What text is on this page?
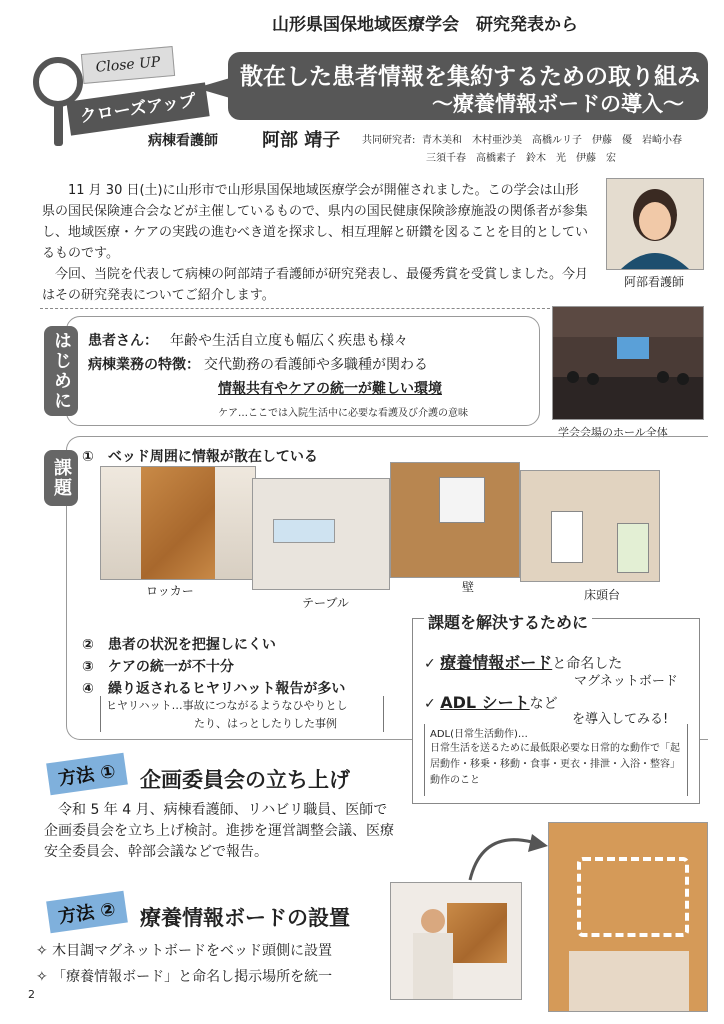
山形県国保地域医療学会　研究発表から
Close UP
クローズアップ
散在した患者情報を集約するための取り組み
〜療養情報ボードの導入〜
病棟看護師 阿部 靖子 共同研究者: 青木美和　木村亜沙美　高橋ルリ子　伊藤　優　岩崎小春
三須千春　高橋素子　鈴木　光　伊藤　宏
11 月 30 日(土)に山形市で山形県国保地域医療学会が開催されました。この学会は山形県の国民保険連合会などが主催しているもので、県内の国民健康保険診療施設の関係者が参集し、地域医療・ケアの実践の進むべき道を探求し、相互理解と研鑽を図ることを目的としているものです。
今回、当院を代表して病棟の阿部靖子看護師が研究発表し、最優秀賞を受賞しました。今月はその研究発表についてご紹介します。
阿部看護師
はじめに	患者さん： 年齢や生活自立度も幅広く疾患も様々
病棟業務の特徴： 交代勤務の看護師や多職種が関わる
情報共有やケアの統一が難しい環境
ケア…ここでは入院生活中に必要な看護及び介護の意味
学会会場のホール全体
課題
①　ベッド周囲に情報が散在している
ロッカー
テーブル
壁
床頭台
②　患者の状況を把握しにくい
③　ケアの統一が不十分
④　繰り返されるヒヤリハット報告が多い
ヒヤリハット…事故につながるようなひやりとし
たり、はっとしたりした事例
課題を解決するために
✓ 療養情報ボードと命名した
マグネットボード
✓ ADL シートなど
を導入してみる!
ADL(日常生活動作)…
日常生活を送るために最低限必要な日常的な動作で「起居動作・移乗・移動・食事・更衣・排泄・入浴・整容」動作のこと
方法 ①	企画委員会の立ち上げ
令和 5 年 4 月、病棟看護師、リハビリ職員、医師で企画委員会を立ち上げ検討。進捗を運営調整会議、医療安全委員会、幹部会議などで報告。
方法 ②	療養情報ボードの設置
✧ 木目調マグネットボードをベッド頭側に設置
✧ 「療養情報ボード」と命名し掲示場所を統一
2
